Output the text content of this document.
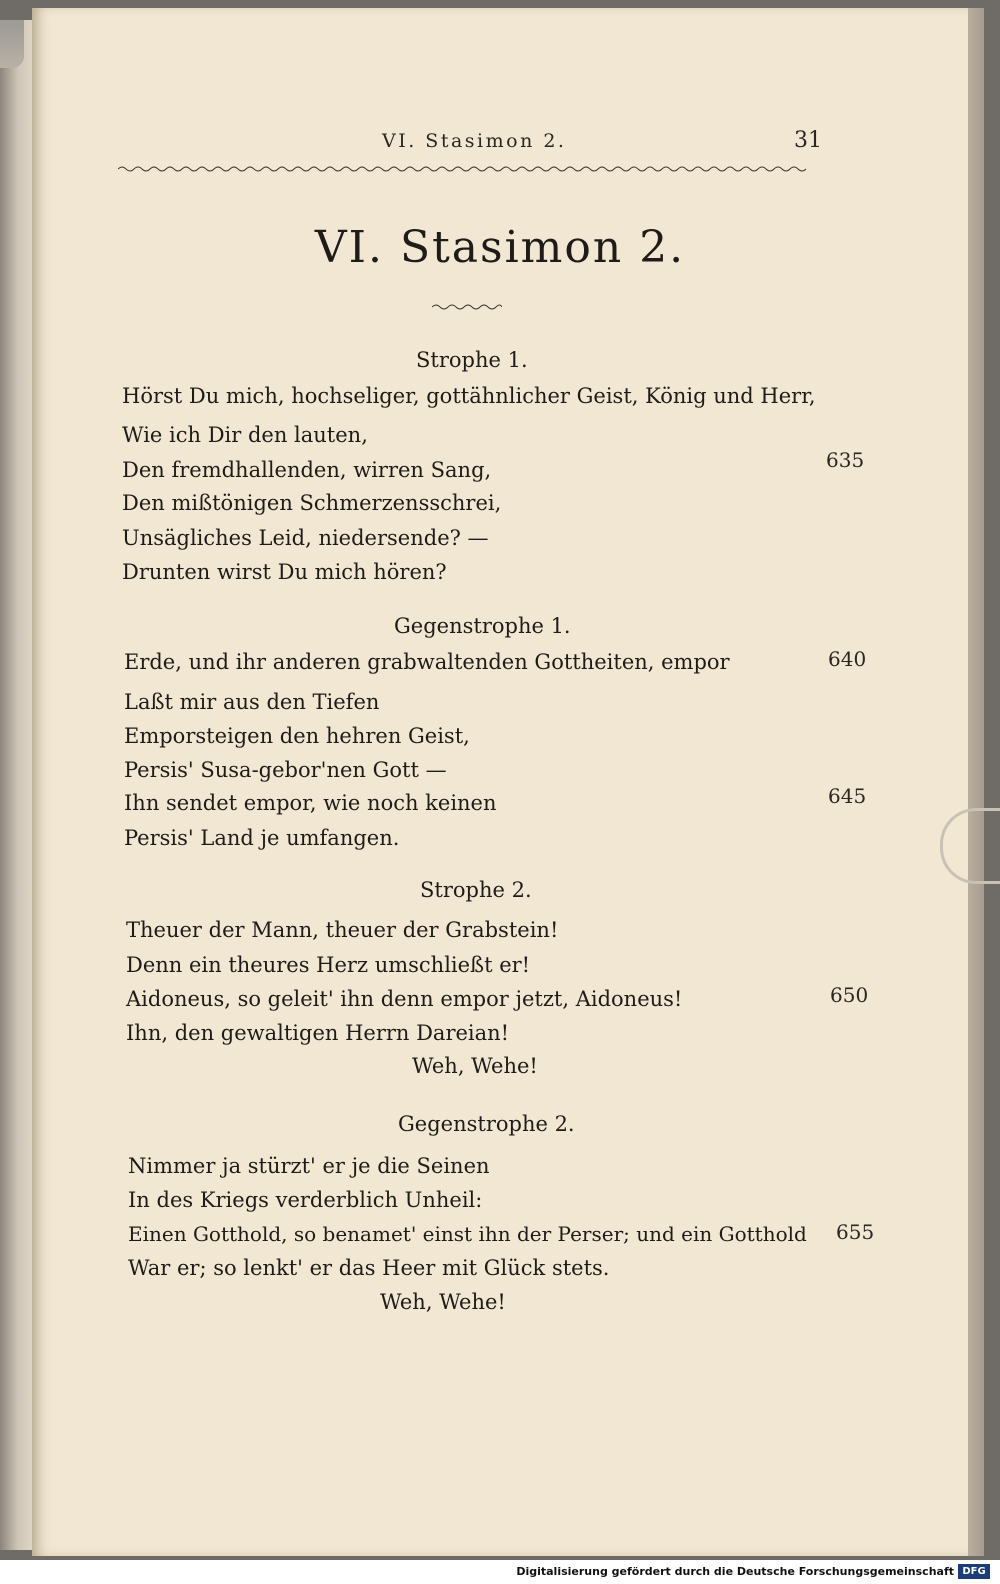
VI. Stasimon 2.	31
VI. Stasimon 2.
Strophe 1.
Hörst Du mich, hochseliger, gottähnlicher Geist, König und Herr,
Wie ich Dir den lauten,
Den fremdhallenden, wirren Sang,	635
Den mißtönigen Schmerzensschrei,
Unsägliches Leid, niedersende? —
Drunten wirst Du mich hören?
Gegenstrophe 1.
Erde, und ihr anderen grabwaltenden Gottheiten, empor	640
Laßt mir aus den Tiefen
Emporsteigen den hehren Geist,
Persis' Susa-gebor'nen Gott —
Ihn sendet empor, wie noch keinen	645
Persis' Land je umfangen.
Strophe 2.
Theuer der Mann, theuer der Grabstein!
Denn ein theures Herz umschließt er!
Aidoneus, so geleit' ihn denn empor jetzt, Aidoneus!	650
Ihn, den gewaltigen Herrn Dareian!
Weh, Wehe!
Gegenstrophe 2.
Nimmer ja stürzt' er je die Seinen
In des Kriegs verderblich Unheil:
Einen Gotthold, so benamet' einst ihn der Perser; und ein Gotthold 655
War er; so lenkt' er das Heer mit Glück stets.
Weh, Wehe!
Digitalisierung gefördert durch die Deutsche Forschungsgemeinschaft DFG
